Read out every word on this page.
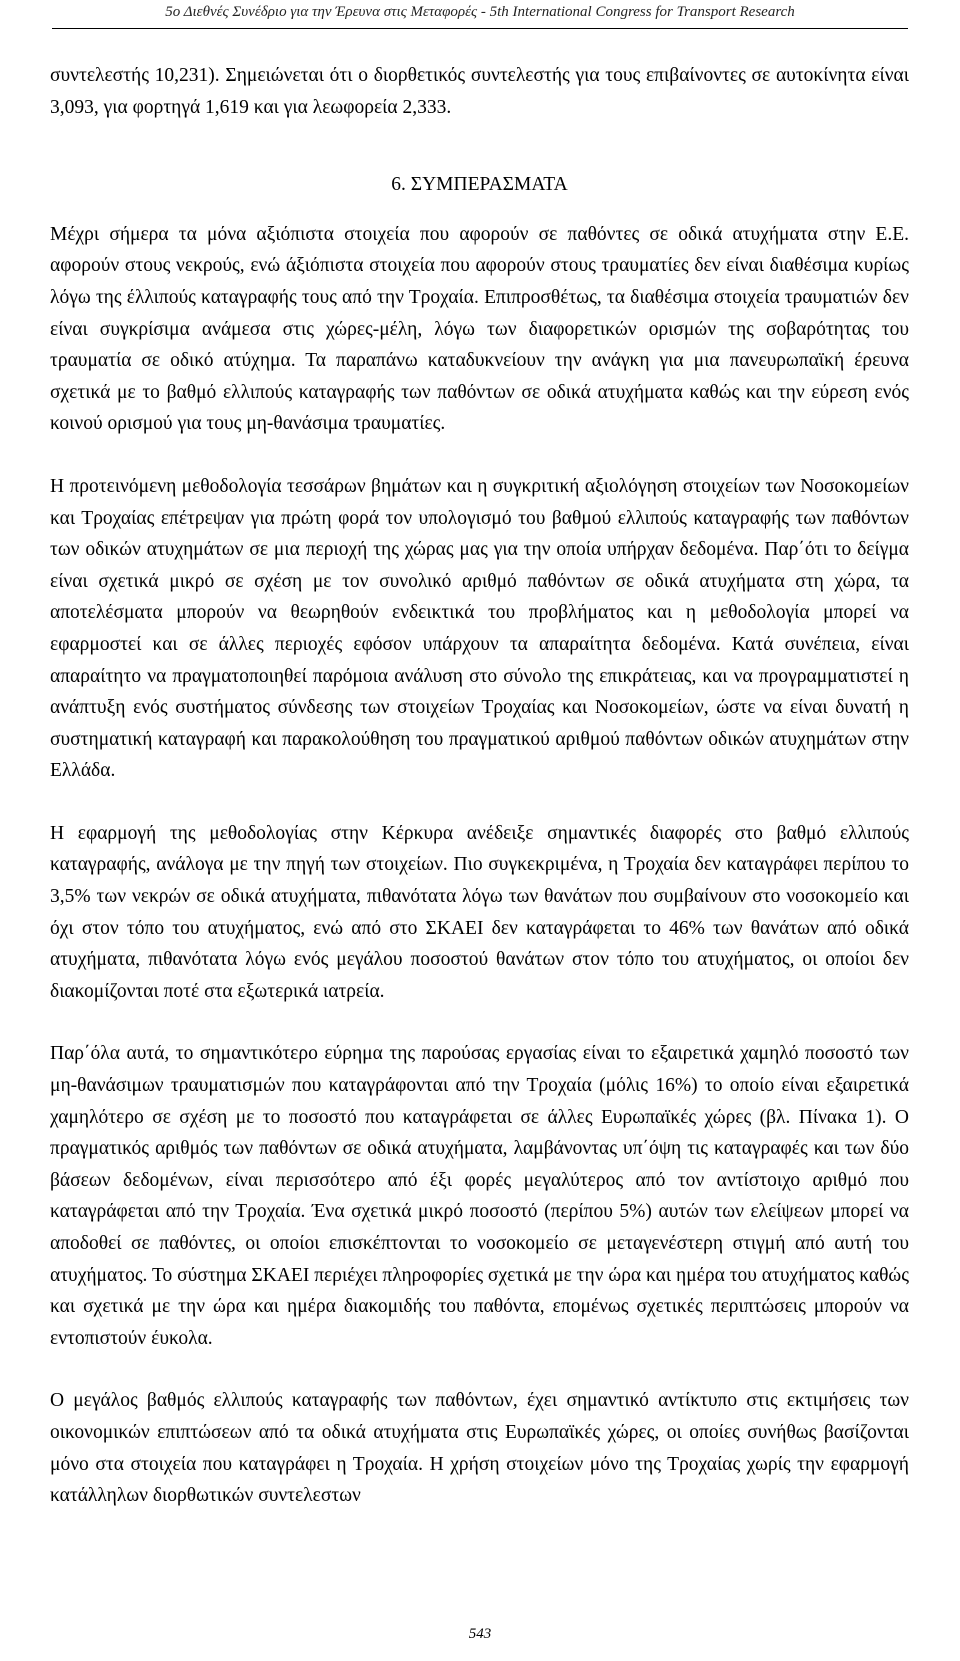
5ο Διεθνές Συνέδριο για την Έρευνα στις Μεταφορές - 5th International Congress for Transport Research

συντελεστής 10,231). Σημειώνεται ότι ο διορθετικός συντελεστής για τους επιβαίνοντες σε αυτοκίνητα είναι 3,093, για φορτηγά 1,619 και για λεωφορεία 2,333.

6. ΣΥΜΠΕΡΑΣΜΑΤΑ

Μέχρι σήμερα τα μόνα αξιόπιστα στοιχεία που αφορούν σε παθόντες σε οδικά ατυχήματα στην Ε.Ε. αφορούν στους νεκρούς, ενώ άξιόπιστα στοιχεία που αφορούν στους τραυματίες δεν είναι διαθέσιμα κυρίως λόγω της έλλιπούς καταγραφής τους από την Τροχαία. Επιπροσθέτως, τα διαθέσιμα στοιχεία τραυματιών δεν είναι συγκρίσιμα ανάμεσα στις χώρες-μέλη, λόγω των διαφορετικών ορισμών της σοβαρότητας του τραυματία σε οδικό ατύχημα. Τα παραπάνω καταδυκνείουν την ανάγκη για μια πανευρωπαϊκή έρευνα σχετικά με το βαθμό ελλιπούς καταγραφής των παθόντων σε οδικά ατυχήματα καθώς και την εύρεση ενός κοινού ορισμού για τους μη-θανάσιμα τραυματίες.

Η προτεινόμενη μεθοδολογία τεσσάρων βημάτων και η συγκριτική αξιολόγηση στοιχείων των Νοσοκομείων και Τροχαίας επέτρεψαν για πρώτη φορά τον υπολογισμό του βαθμού ελλιπούς καταγραφής των παθόντων των οδικών ατυχημάτων σε μια περιοχή της χώρας μας για την οποία υπήρχαν δεδομένα. Παρ΄ότι το δείγμα είναι σχετικά μικρό σε σχέση με τον συνολικό αριθμό παθόντων σε οδικά ατυχήματα στη χώρα, τα αποτελέσματα μπορούν να θεωρηθούν ενδεικτικά του προβλήματος και η μεθοδολογία μπορεί να εφαρμοστεί και σε άλλες περιοχές εφόσον υπάρχουν τα απαραίτητα δεδομένα. Κατά συνέπεια, είναι απαραίτητο να πραγματοποιηθεί παρόμοια ανάλυση στο σύνολο της επικράτειας, και να προγραμματιστεί η ανάπτυξη ενός συστήματος σύνδεσης των στοιχείων Τροχαίας και Νοσοκομείων, ώστε να είναι δυνατή η συστηματική καταγραφή και παρακολούθηση του πραγματικού αριθμού παθόντων οδικών ατυχημάτων στην Ελλάδα.

Η εφαρμογή της μεθοδολογίας στην Κέρκυρα ανέδειξε σημαντικές διαφορές στο βαθμό ελλιπούς καταγραφής, ανάλογα με την πηγή των στοιχείων. Πιο συγκεκριμένα, η Τροχαία δεν καταγράφει περίπου το 3,5% των νεκρών σε οδικά ατυχήματα, πιθανότατα λόγω των θανάτων που συμβαίνουν στο νοσοκομείο και όχι στον τόπο του ατυχήματος, ενώ από στο ΣΚΑΕΙ δεν καταγράφεται το 46% των θανάτων από οδικά ατυχήματα, πιθανότατα λόγω ενός μεγάλου ποσοστού θανάτων στον τόπο του ατυχήματος, οι οποίοι δεν διακομίζονται ποτέ στα εξωτερικά ιατρεία.

Παρ΄όλα αυτά, το σημαντικότερο εύρημα της παρούσας εργασίας είναι το εξαιρετικά χαμηλό ποσοστό των μη-θανάσιμων τραυματισμών που καταγράφονται από την Τροχαία (μόλις 16%) το οποίο είναι εξαιρετικά χαμηλότερο σε σχέση με το ποσοστό που καταγράφεται σε άλλες Ευρωπαϊκές χώρες (βλ. Πίνακα 1). Ο πραγματικός αριθμός των παθόντων σε οδικά ατυχήματα, λαμβάνοντας υπ΄όψη τις καταγραφές και των δύο βάσεων δεδομένων, είναι περισσότερο από έξι φορές μεγαλύτερος από τον αντίστοιχο αριθμό που καταγράφεται από την Τροχαία. Ένα σχετικά μικρό ποσοστό (περίπου 5%) αυτών των ελείψεων μπορεί να αποδοθεί σε παθόντες, οι οποίοι επισκέπτονται το νοσοκομείο σε μεταγενέστερη στιγμή από αυτή του ατυχήματος. Το σύστημα ΣΚΑΕΙ περιέχει πληροφορίες σχετικά με την ώρα και ημέρα του ατυχήματος καθώς και σχετικά με την ώρα και ημέρα διακομιδής του παθόντα, επομένως σχετικές περιπτώσεις μπορούν να εντοπιστούν έυκολα.

Ο μεγάλος βαθμός ελλιπούς καταγραφής των παθόντων, έχει σημαντικό αντίκτυπο στις εκτιμήσεις των οικονομικών επιπτώσεων από τα οδικά ατυχήματα στις Ευρωπαϊκές χώρες, οι οποίες συνήθως βασίζονται μόνο στα στοιχεία που καταγράφει η Τροχαία. Η χρήση στοιχείων μόνο της Τροχαίας χωρίς την εφαρμογή κατάλληλων διορθωτικών συντελεστων

543
